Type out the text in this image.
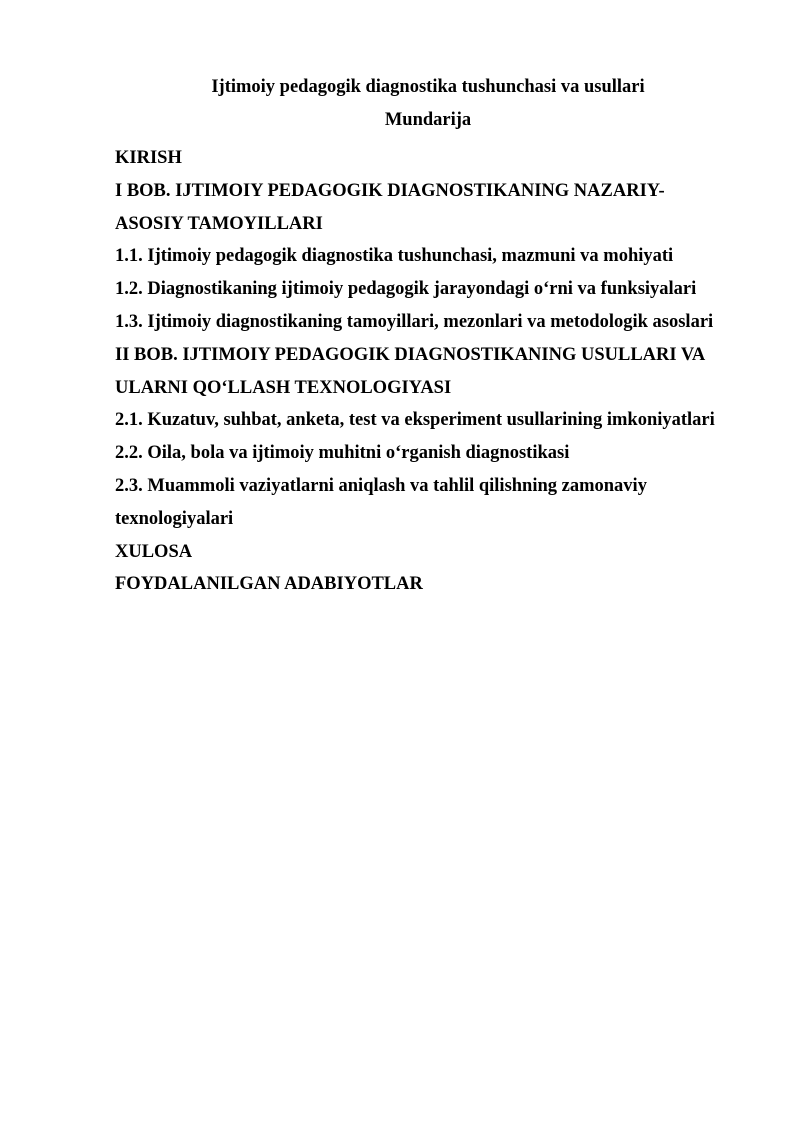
Ijtimoiy pedagogik diagnostika tushunchasi va usullari
Mundarija
KIRISH
I BOB. IJTIMOIY PEDAGOGIK DIAGNOSTIKANING NAZARIY-
ASOSIY TAMOYILLARI
1.1. Ijtimoiy pedagogik diagnostika tushunchasi, mazmuni va mohiyati
1.2. Diagnostikaning ijtimoiy pedagogik jarayondagi o‘rni va funksiyalari
1.3. Ijtimoiy diagnostikaning tamoyillari, mezonlari va metodologik asoslari
II BOB. IJTIMOIY PEDAGOGIK DIAGNOSTIKANING USULLARI VA
ULARNI QO‘LLASH TEXNOLOGIYASI
2.1. Kuzatuv, suhbat, anketa, test va eksperiment usullarining imkoniyatlari
2.2. Oila, bola va ijtimoiy muhitni o‘rganish diagnostikasi
2.3. Muammoli vaziyatlarni aniqlash va tahlil qilishning zamonaviy
texnologiyalari
XULOSA
FOYDALANILGAN ADABIYOTLAR
